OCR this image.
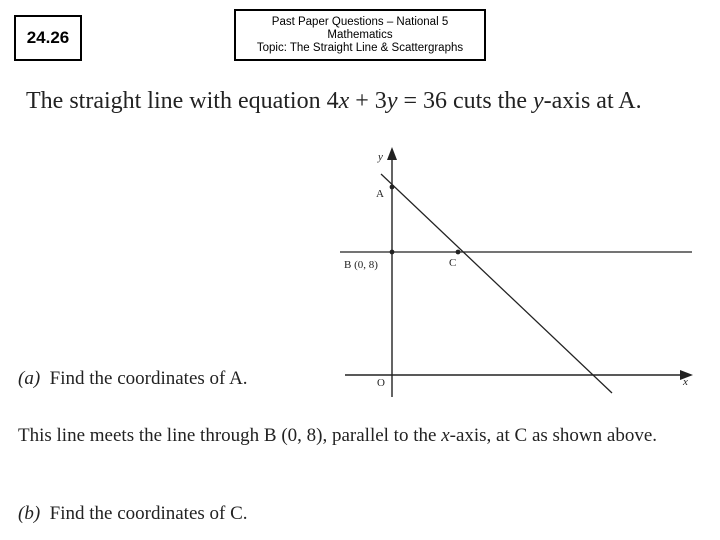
24.26
Past Paper Questions – National 5
Mathematics
Topic: The Straight Line & Scattergraphs
The straight line with equation 4x + 3y = 36 cuts the y-axis at A.
y
A
B (0, 8)	C
O	x
(a) Find the coordinates of A.
This line meets the line through B (0, 8), parallel to the x-axis, at C as shown above.
(b) Find the coordinates of C.
